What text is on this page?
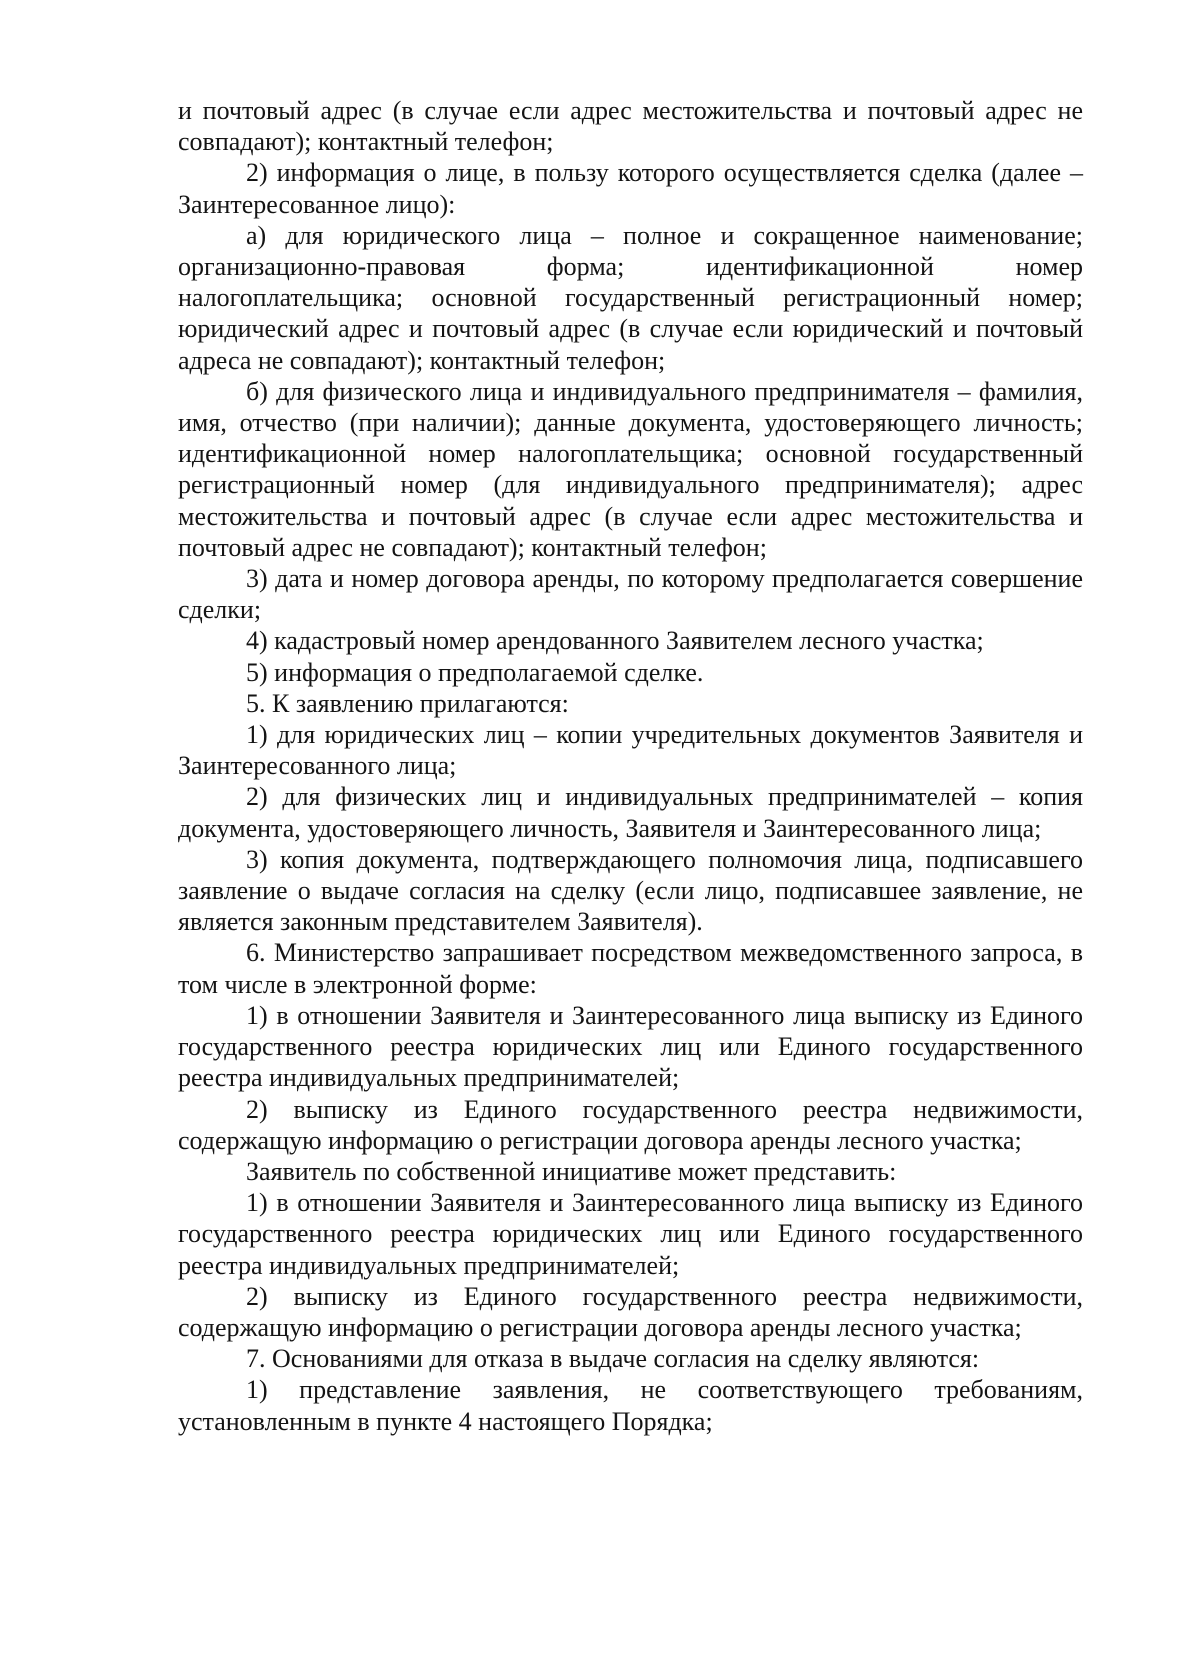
и почтовый адрес (в случае если адрес местожительства и почтовый адрес не совпадают); контактный телефон;

2) информация о лице, в пользу которого осуществляется сделка (далее – Заинтересованное лицо):

а) для юридического лица – полное и сокращенное наименование; организационно-правовая форма; идентификационной номер налогоплательщика; основной государственный регистрационный номер; юридический адрес и почтовый адрес (в случае если юридический и почтовый адреса не совпадают); контактный телефон;

б) для физического лица и индивидуального предпринимателя – фамилия, имя, отчество (при наличии); данные документа, удостоверяющего личность; идентификационной номер налогоплательщика; основной государственный регистрационный номер (для индивидуального предпринимателя); адрес местожительства и почтовый адрес (в случае если адрес местожительства и почтовый адрес не совпадают); контактный телефон;

3) дата и номер договора аренды, по которому предполагается совершение сделки;

4) кадастровый номер арендованного Заявителем лесного участка;

5) информация о предполагаемой сделке.

5. К заявлению прилагаются:

1) для юридических лиц – копии учредительных документов Заявителя и Заинтересованного лица;

2) для физических лиц и индивидуальных предпринимателей – копия документа, удостоверяющего личность, Заявителя и Заинтересованного лица;

3) копия документа, подтверждающего полномочия лица, подписавшего заявление о выдаче согласия на сделку (если лицо, подписавшее заявление, не является законным представителем Заявителя).

6. Министерство запрашивает посредством межведомственного запроса, в том числе в электронной форме:

1) в отношении Заявителя и Заинтересованного лица выписку из Единого государственного реестра юридических лиц или Единого государственного реестра индивидуальных предпринимателей;

2) выписку из Единого государственного реестра недвижимости, содержащую информацию о регистрации договора аренды лесного участка;

Заявитель по собственной инициативе может представить:

1) в отношении Заявителя и Заинтересованного лица выписку из Единого государственного реестра юридических лиц или Единого государственного реестра индивидуальных предпринимателей;

2) выписку из Единого государственного реестра недвижимости, содержащую информацию о регистрации договора аренды лесного участка;

7. Основаниями для отказа в выдаче согласия на сделку являются:

1) представление заявления, не соответствующего требованиям, установленным в пункте 4 настоящего Порядка;
